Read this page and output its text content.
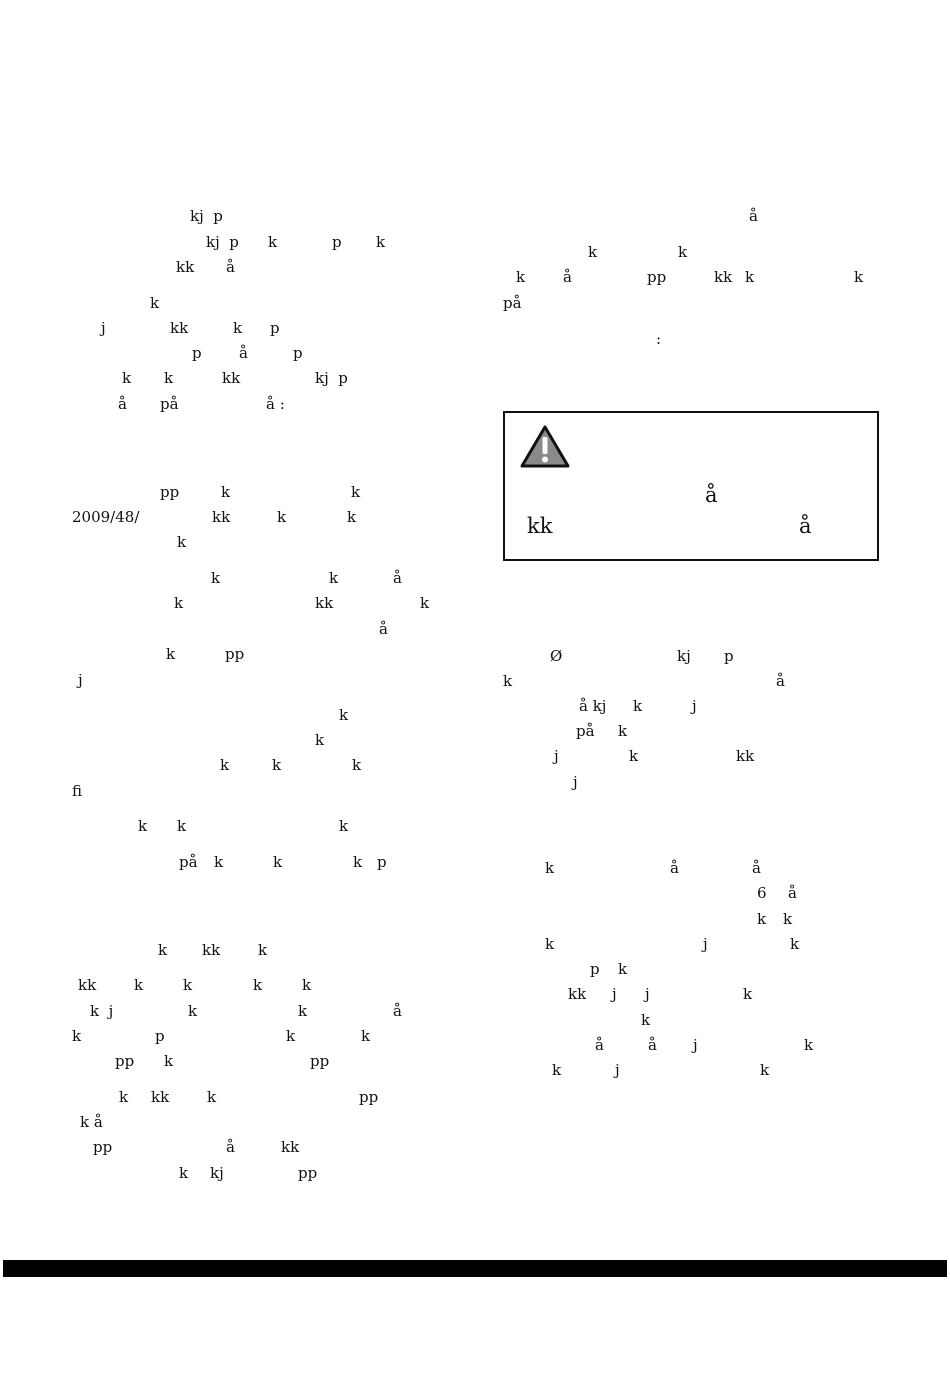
kj  p
kj  p k	p k
kk å
k
j	kk	k p
p å	p
k k	kk	kj  p
å på	å :
pp	k	k
2009/48/	kk	k	k
k
k	k	å
k	kk	k
å
k	pp
j
k
k
k	k	k
fi
k k	k
på k	k	k p
k kk	k
kk	k	k	k	k
k  j	k	k	å
k	p	k	k
pp k	pp
k kk	k	pp
k å
pp	å	kk
k kj	pp
å
k	k
k	å	pp	kk k	k
på
:
Ø	kj p
k	å
å kj k	j
på k
j	k	kk
j
k	å	å
6 å
k k
k	j	k
p k
kk j j	k
k
å	å j	k
k	j	k
å
kk	å
